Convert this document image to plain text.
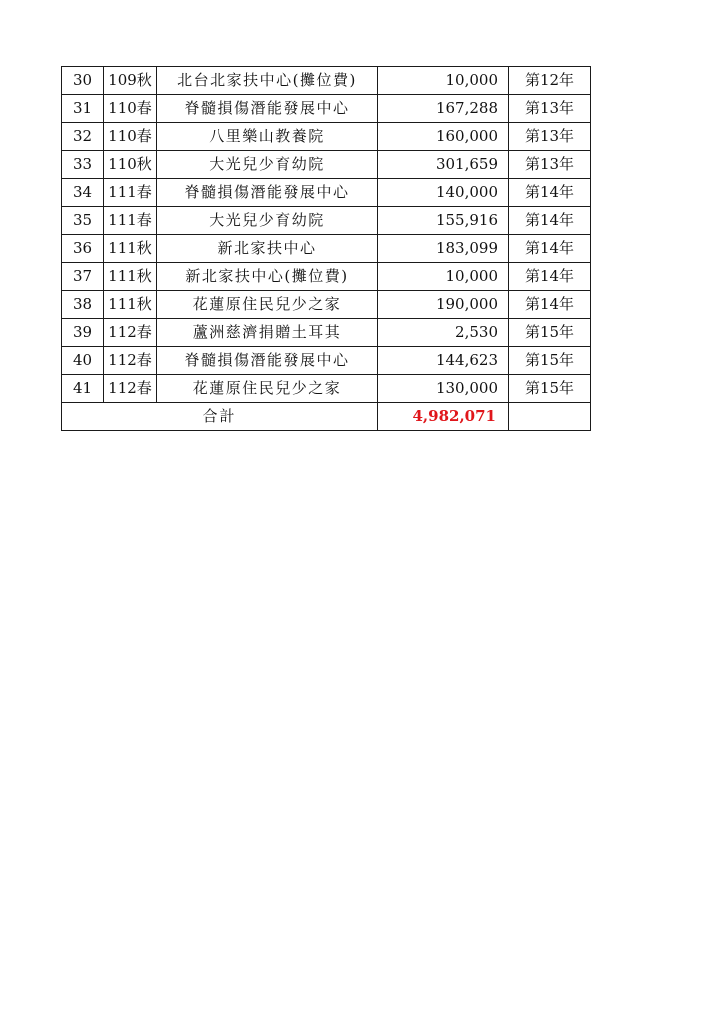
30	109秋	北台北家扶中心(攤位費)	10,000	第12年
31	110春	脊髓損傷潛能發展中心	167,288	第13年
32	110春	八里樂山教養院	160,000	第13年
33	110秋	大光兒少育幼院	301,659	第13年
34	111春	脊髓損傷潛能發展中心	140,000	第14年
35	111春	大光兒少育幼院	155,916	第14年
36	111秋	新北家扶中心	183,099	第14年
37	111秋	新北家扶中心(攤位費)	10,000	第14年
38	111秋	花蓮原住民兒少之家	190,000	第14年
39	112春	蘆洲慈濟捐贈土耳其	2,530	第15年
40	112春	脊髓損傷潛能發展中心	144,623	第15年
41	112春	花蓮原住民兒少之家	130,000	第15年
合計			4,982,071	
